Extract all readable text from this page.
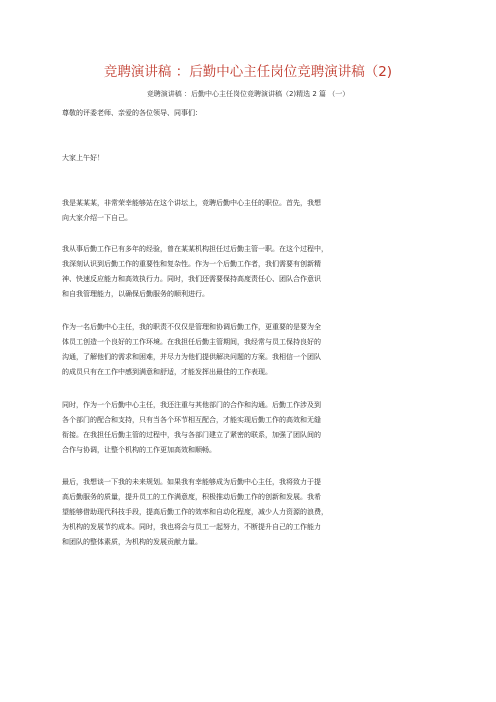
竞聘演讲稿 ：后勤中心主任岗位竞聘演讲稿（2)
竞聘演讲稿 ：后勤中心主任岗位竞聘演讲稿（2)精选 2 篇 （一）
尊敬的评委老师、亲爱的各位领导、同事们：
大家上午好！
我是某某某，非常荣幸能够站在这个讲坛上，竞聘后勤中心主任的职位。首先，我想
向大家介绍一下自己。
我从事后勤工作已有多年的经验，曾在某某机构担任过后勤主管一职。在这个过程中，
我深刻认识到后勤工作的重要性和复杂性。作为一个后勤工作者，我们需要有创新精
神、快速反应能力和高效执行力。同时，我们还需要保持高度责任心、团队合作意识
和自我管理能力，以确保后勤服务的顺利进行。
作为一名后勤中心主任，我的职责不仅仅是管理和协调后勤工作，更重要的是要为全
体员工创造一个良好的工作环境。在我担任后勤主管期间，我经常与员工保持良好的
沟通，了解他们的需求和困难，并尽力为他们提供解决问题的方案。我相信一个团队
的成员只有在工作中感到满意和舒适，才能发挥出最佳的工作表现。
同时，作为一个后勤中心主任，我还注重与其他部门的合作和沟通。后勤工作涉及到
各个部门的配合和支持，只有当各个环节相互配合，才能实现后勤工作的高效和无缝
衔接。在我担任后勤主管的过程中，我与各部门建立了紧密的联系，加强了团队间的
合作与协调，让整个机构的工作更加高效和顺畅。
最后，我想谈一下我的未来规划。如果我有幸能够成为后勤中心主任，我将致力于提
高后勤服务的质量，提升员工的工作满意度，积极推动后勤工作的创新和发展。我希
望能够借助现代科技手段，提高后勤工作的效率和自动化程度，减少人力资源的浪费，
为机构的发展节约成本。同时，我也将会与员工一起努力，不断提升自己的工作能力
和团队的整体素质，为机构的发展贡献力量。
